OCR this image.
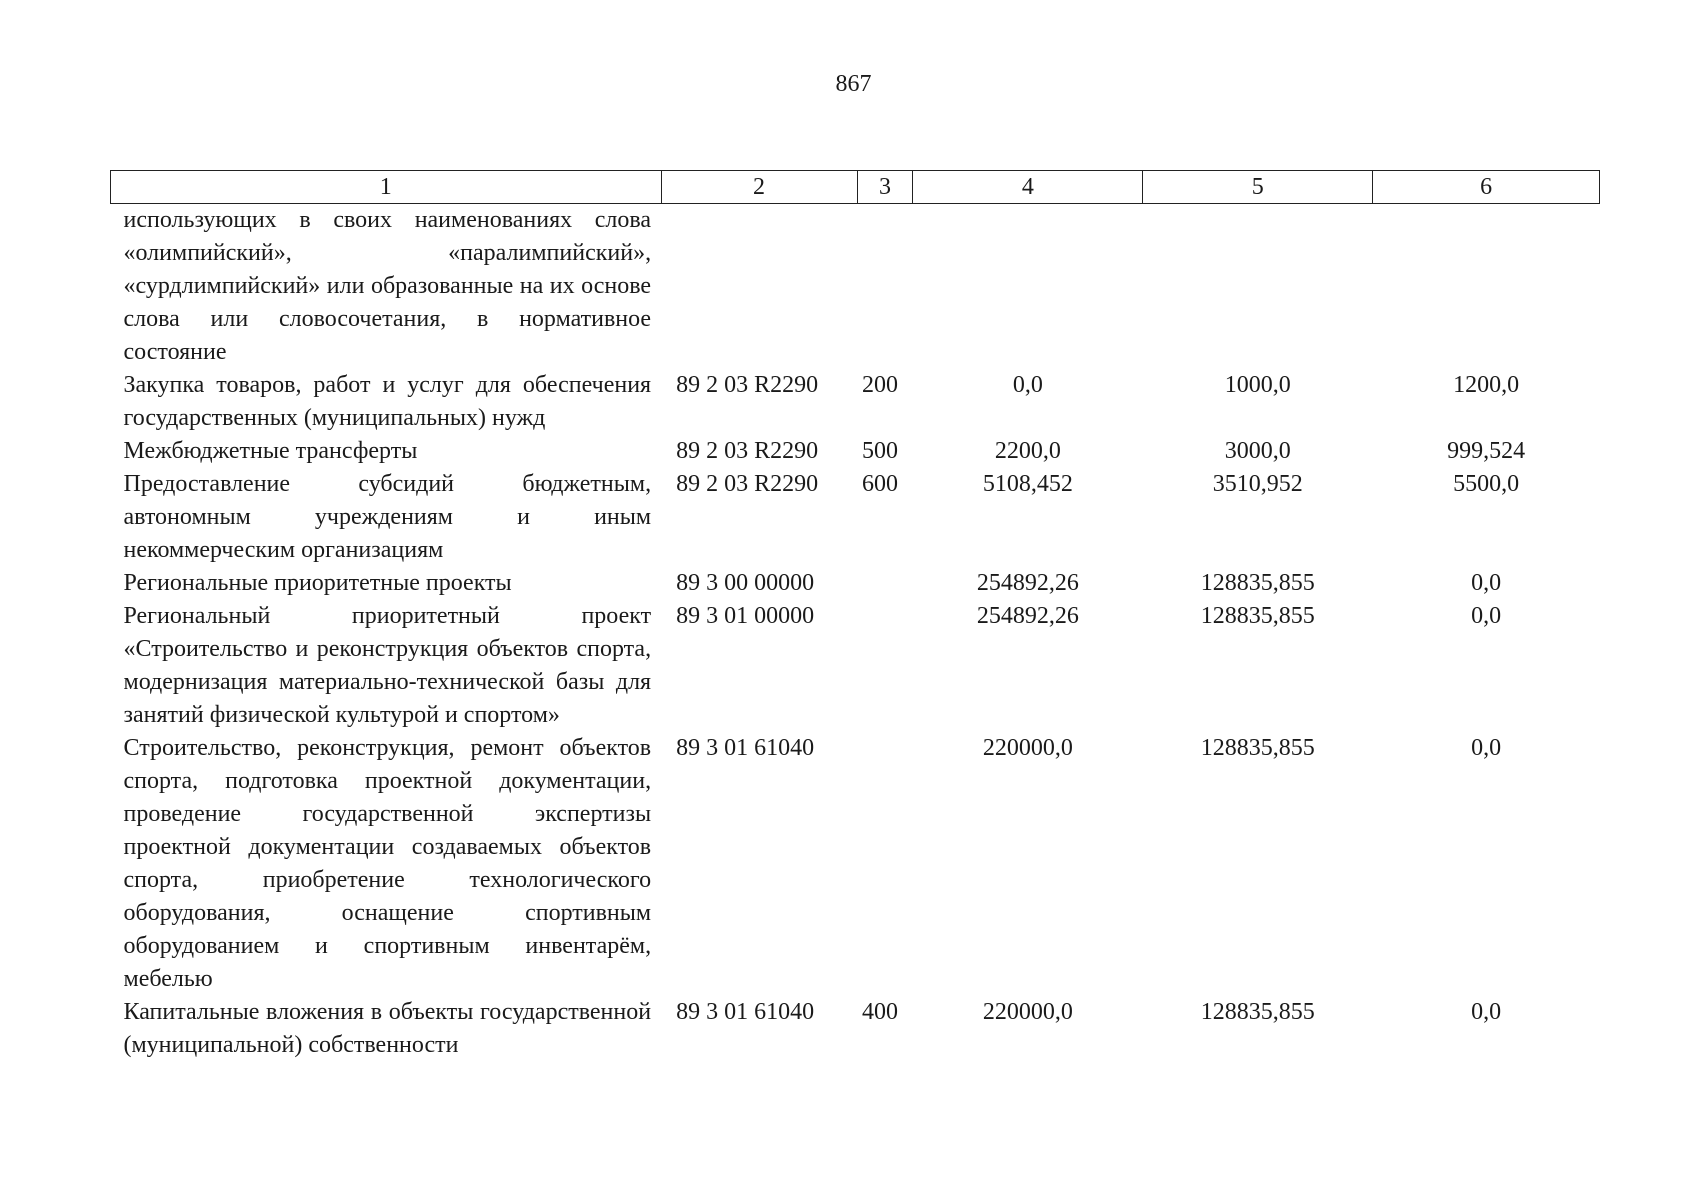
867
1	2	3	4	5	6
использующих в своих наименованиях слова «олимпийский», «паралимпийский», «сурдлимпийский» или образованные на их основе слова или словосочетания, в нормативное состояние					
Закупка товаров, работ и услуг для обеспечения государственных (муниципальных) нужд	89 2 03 R2290	200	0,0	1000,0	1200,0
Межбюджетные трансферты	89 2 03 R2290	500	2200,0	3000,0	999,524
Предоставление субсидий бюджетным, автономным учреждениям и иным некоммерческим организациям	89 2 03 R2290	600	5108,452	3510,952	5500,0
Региональные приоритетные проекты	89 3 00 00000		254892,26	128835,855	0,0
Региональный приоритетный проект «Строительство и реконструкция объектов спорта, модернизация материально-технической базы для занятий физической культурой и спортом»	89 3 01 00000		254892,26	128835,855	0,0
Строительство, реконструкция, ремонт объектов спорта, подготовка проектной документации, проведение государственной экспертизы проектной документации создаваемых объектов спорта, приобретение технологического оборудования, оснащение спортивным оборудованием и спортивным инвентарём, мебелью	89 3 01 61040		220000,0	128835,855	0,0
Капитальные вложения в объекты государственной (муниципальной) собственности	89 3 01 61040	400	220000,0	128835,855	0,0
